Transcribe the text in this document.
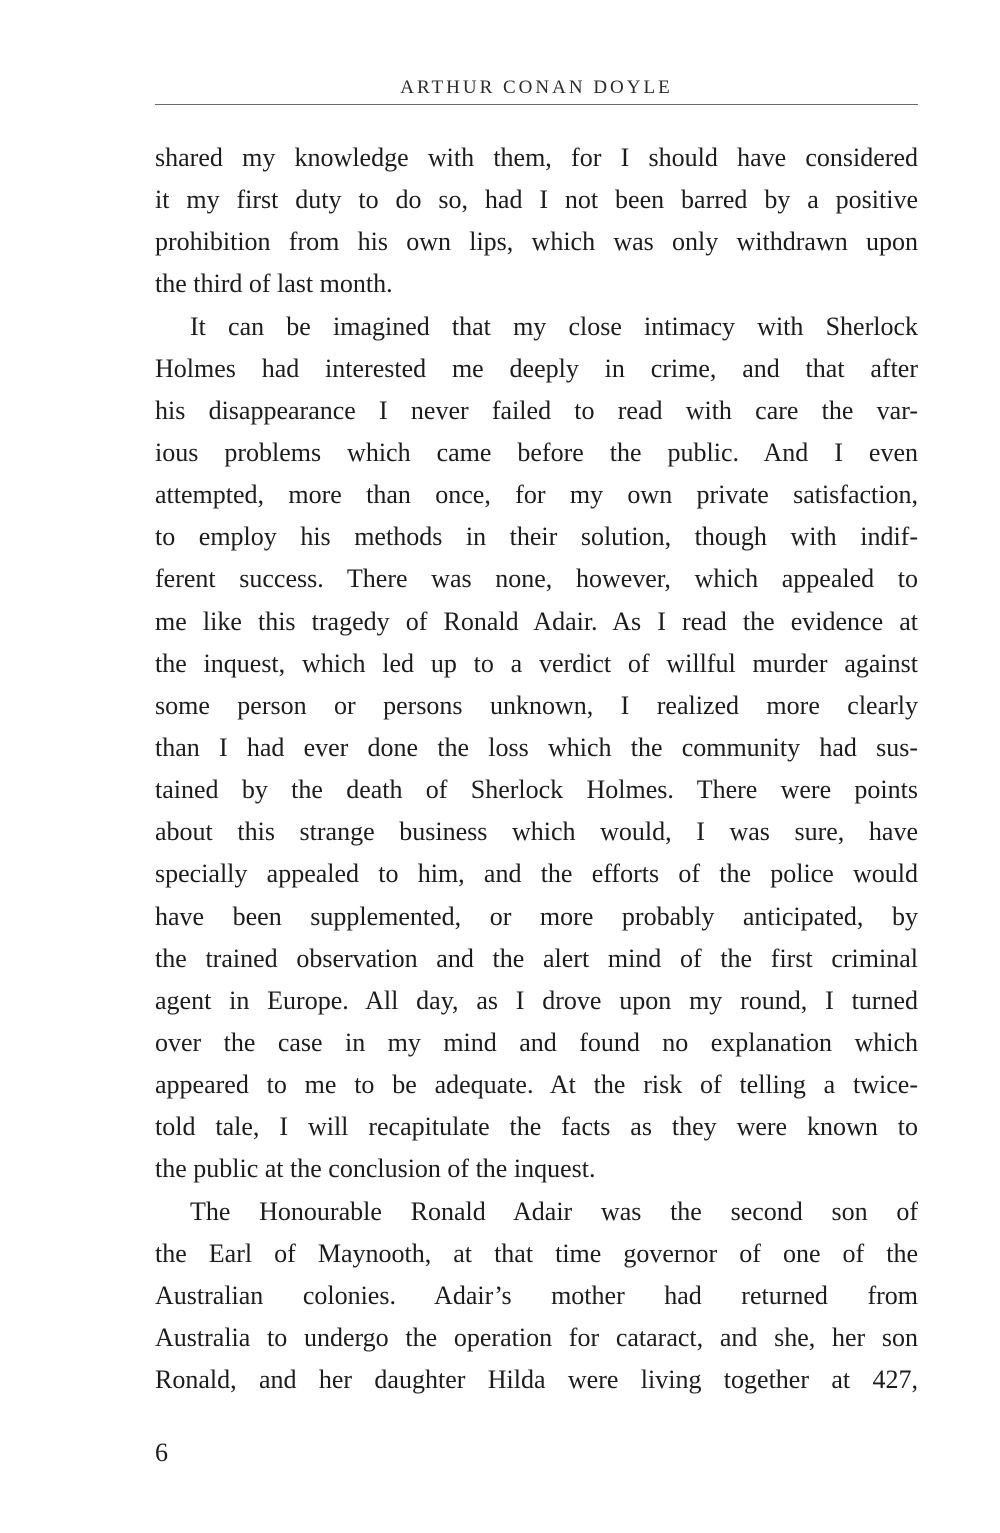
ARTHUR CONAN DOYLE
shared my knowledge with them, for I should have considered
it my first duty to do so, had I not been barred by a positive
prohibition from his own lips, which was only withdrawn upon
the third of last month.
It can be imagined that my close intimacy with Sherlock
Holmes had interested me deeply in crime, and that after
his disappearance I never failed to read with care the var-
ious problems which came before the public. And I even
attempted, more than once, for my own private satisfaction,
to employ his methods in their solution, though with indif-
ferent success. There was none, however, which appealed to
me like this tragedy of Ronald Adair. As I read the evidence at
the inquest, which led up to a verdict of willful murder against
some person or persons unknown, I realized more clearly
than I had ever done the loss which the community had sus-
tained by the death of Sherlock Holmes. There were points
about this strange business which would, I was sure, have
specially appealed to him, and the efforts of the police would
have been supplemented, or more probably anticipated, by
the trained observation and the alert mind of the first criminal
agent in Europe. All day, as I drove upon my round, I turned
over the case in my mind and found no explanation which
appeared to me to be adequate. At the risk of telling a twice-
told tale, I will recapitulate the facts as they were known to
the public at the conclusion of the inquest.
The Honourable Ronald Adair was the second son of
the Earl of Maynooth, at that time governor of one of the
Australian colonies. Adair’s mother had returned from
Australia to undergo the operation for cataract, and she, her son
Ronald, and her daughter Hilda were living together at 427,
6
